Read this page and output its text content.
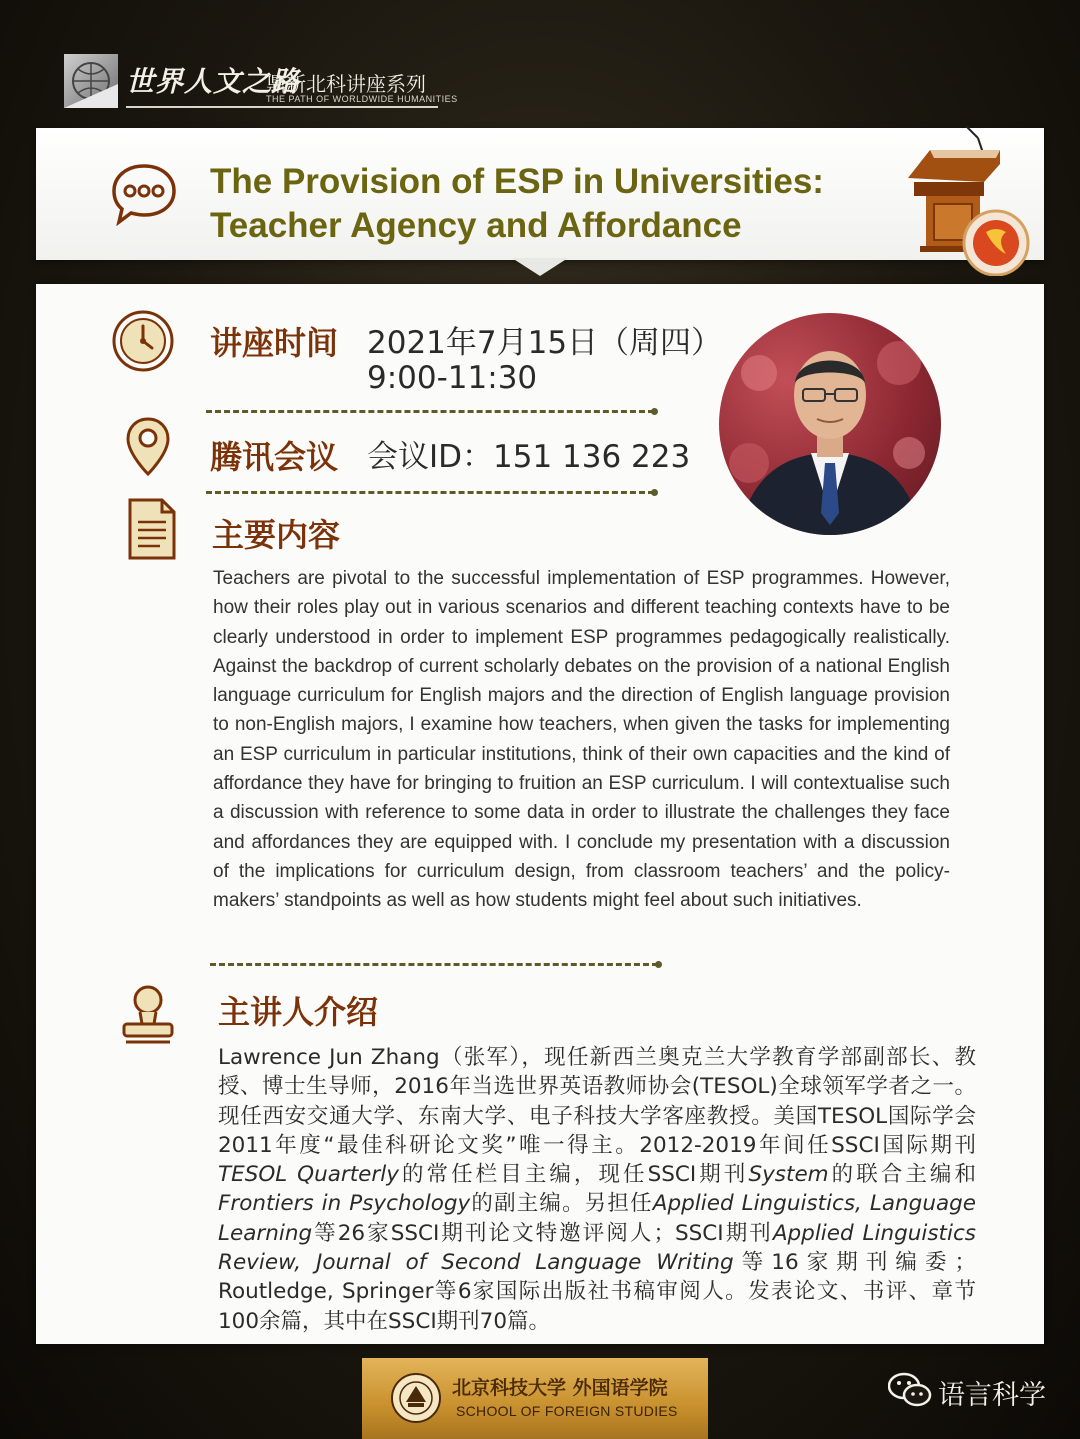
世界人文之路
鼎新北科讲座系列
THE PATH OF WORLDWIDE HUMANITIES
The Provision of ESP in Universities:
Teacher Agency and Affordance
讲座时间 2021年7月15日（周四）
9:00-11:30
腾讯会议 会议ID：151 136 223
主要内容
Teachers are pivotal to the successful implementation of ESP programmes. However, how their roles play out in various scenarios and different teaching contexts have to be clearly understood in order to implement ESP programmes pedagogically realistically. Against the backdrop of current scholarly debates on the provision of a national English language curriculum for English majors and the direction of English language provision to non-English majors, I examine how teachers, when given the tasks for implementing an ESP curriculum in particular institutions, think of their own capacities and the kind of affordance they have for bringing to fruition an ESP curriculum. I will contextualise such a discussion with reference to some data in order to illustrate the challenges they face and affordances they are equipped with. I conclude my presentation with a discussion of the implications for curriculum design, from classroom teachers’ and the policy-makers’ standpoints as well as how students might feel about such initiatives.
主讲人介绍
Lawrence Jun Zhang（张军），现任新西兰奥克兰大学教育学部副部长、教授、博士生导师，2016年当选世界英语教师协会(TESOL)全球领军学者之一。现任西安交通大学、东南大学、电子科技大学客座教授。美国TESOL国际学会2011年度“最佳科研论文奖”唯一得主。2012-2019年间任SSCI国际期刊TESOL Quarterly的常任栏目主编，现任SSCI期刊System的联合主编和Frontiers in Psychology的副主编。另担任Applied Linguistics, Language Learning等26家SSCI期刊论文特邀评阅人；SSCI期刊Applied Linguistics Review, Journal of Second Language Writing等16家期刊编委；Routledge, Springer等6家国际出版社书稿审阅人。发表论文、书评、章节100余篇，其中在SSCI期刊70篇。
北京科技大学 外国语学院
SCHOOL OF FOREIGN STUDIES	语言科学
